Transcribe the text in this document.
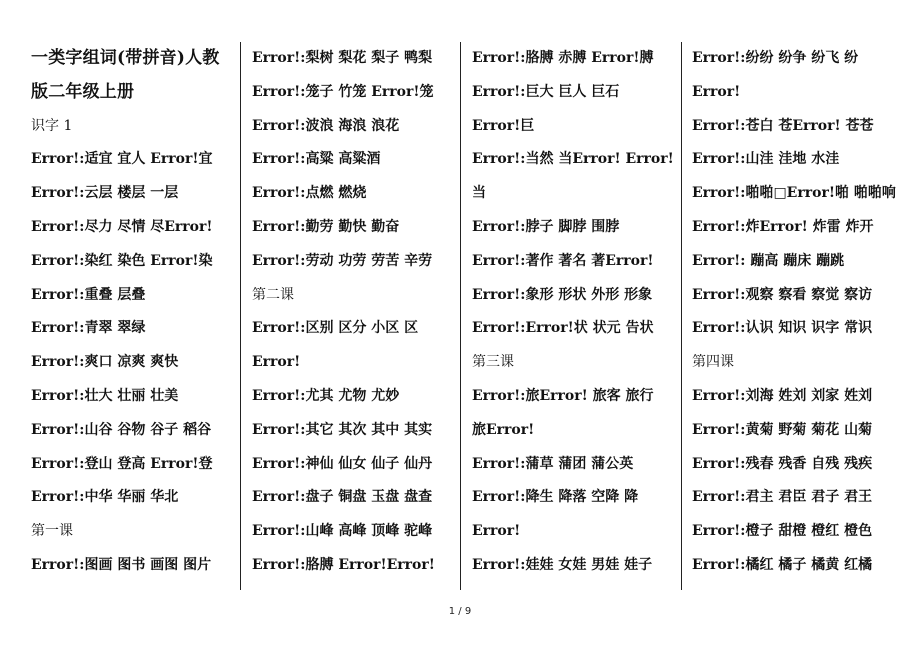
一类字组词(带拼音)人教
版二年级上册
识字 1
Error!:适宜 宜人 Error!宜
Error!:云层 楼层 一层
Error!:尽力 尽情 尽Error!
Error!:染红 染色 Error!染
Error!:重叠 层叠
Error!:青翠 翠绿
Error!:爽口 凉爽 爽快
Error!:壮大 壮丽 壮美
Error!:山谷 谷物 谷子 稻谷
Error!:登山 登高 Error!登
Error!:中华 华丽 华北
第一课
Error!:图画 图书 画图 图片
Error!:梨树 梨花 梨子 鸭梨
Error!:笼子 竹笼 Error!笼
Error!:波浪 海浪 浪花
Error!:高粱 高粱酒
Error!:点燃 燃烧
Error!:勤劳 勤快 勤奋
Error!:劳动 功劳 劳苦 辛劳
第二课
Error!:区别 区分 小区 区
Error!
Error!:尤其 尤物 尤妙
Error!:其它 其次 其中 其实
Error!:神仙 仙女 仙子 仙丹
Error!:盘子 铜盘 玉盘 盘查
Error!:山峰 高峰 顶峰 驼峰
Error!:胳膊 Error!Error!
Error!:胳膊 赤膊 Error!膊
Error!:巨大 巨人 巨石
Error!巨
Error!:当然 当Error! Error!
当
Error!:脖子 脚脖 围脖
Error!:著作 著名 著Error!
Error!:象形 形状 外形 形象
Error!:Error!状 状元 告状
第三课
Error!:旅Error! 旅客 旅行
旅Error!
Error!:蒲草 蒲团 蒲公英
Error!:降生 降落 空降 降
Error!
Error!:娃娃 女娃 男娃 娃子
Error!:纷纷 纷争 纷飞 纷
Error!
Error!:苍白 苍Error! 苍苍
Error!:山洼 洼地 水洼
Error!:啪啪□Error!啪 啪啪响
Error!:炸Error! 炸雷 炸开
Error!: 蹦高 蹦床 蹦跳
Error!:观察 察看 察觉 察访
Error!:认识 知识 识字 常识
第四课
Error!:刘海 姓刘 刘家 姓刘
Error!:黄菊 野菊 菊花 山菊
Error!:残春 残香 自残 残疾
Error!:君主 君臣 君子 君王
Error!:橙子 甜橙 橙红 橙色
Error!:橘红 橘子 橘黄 红橘
1 / 9
